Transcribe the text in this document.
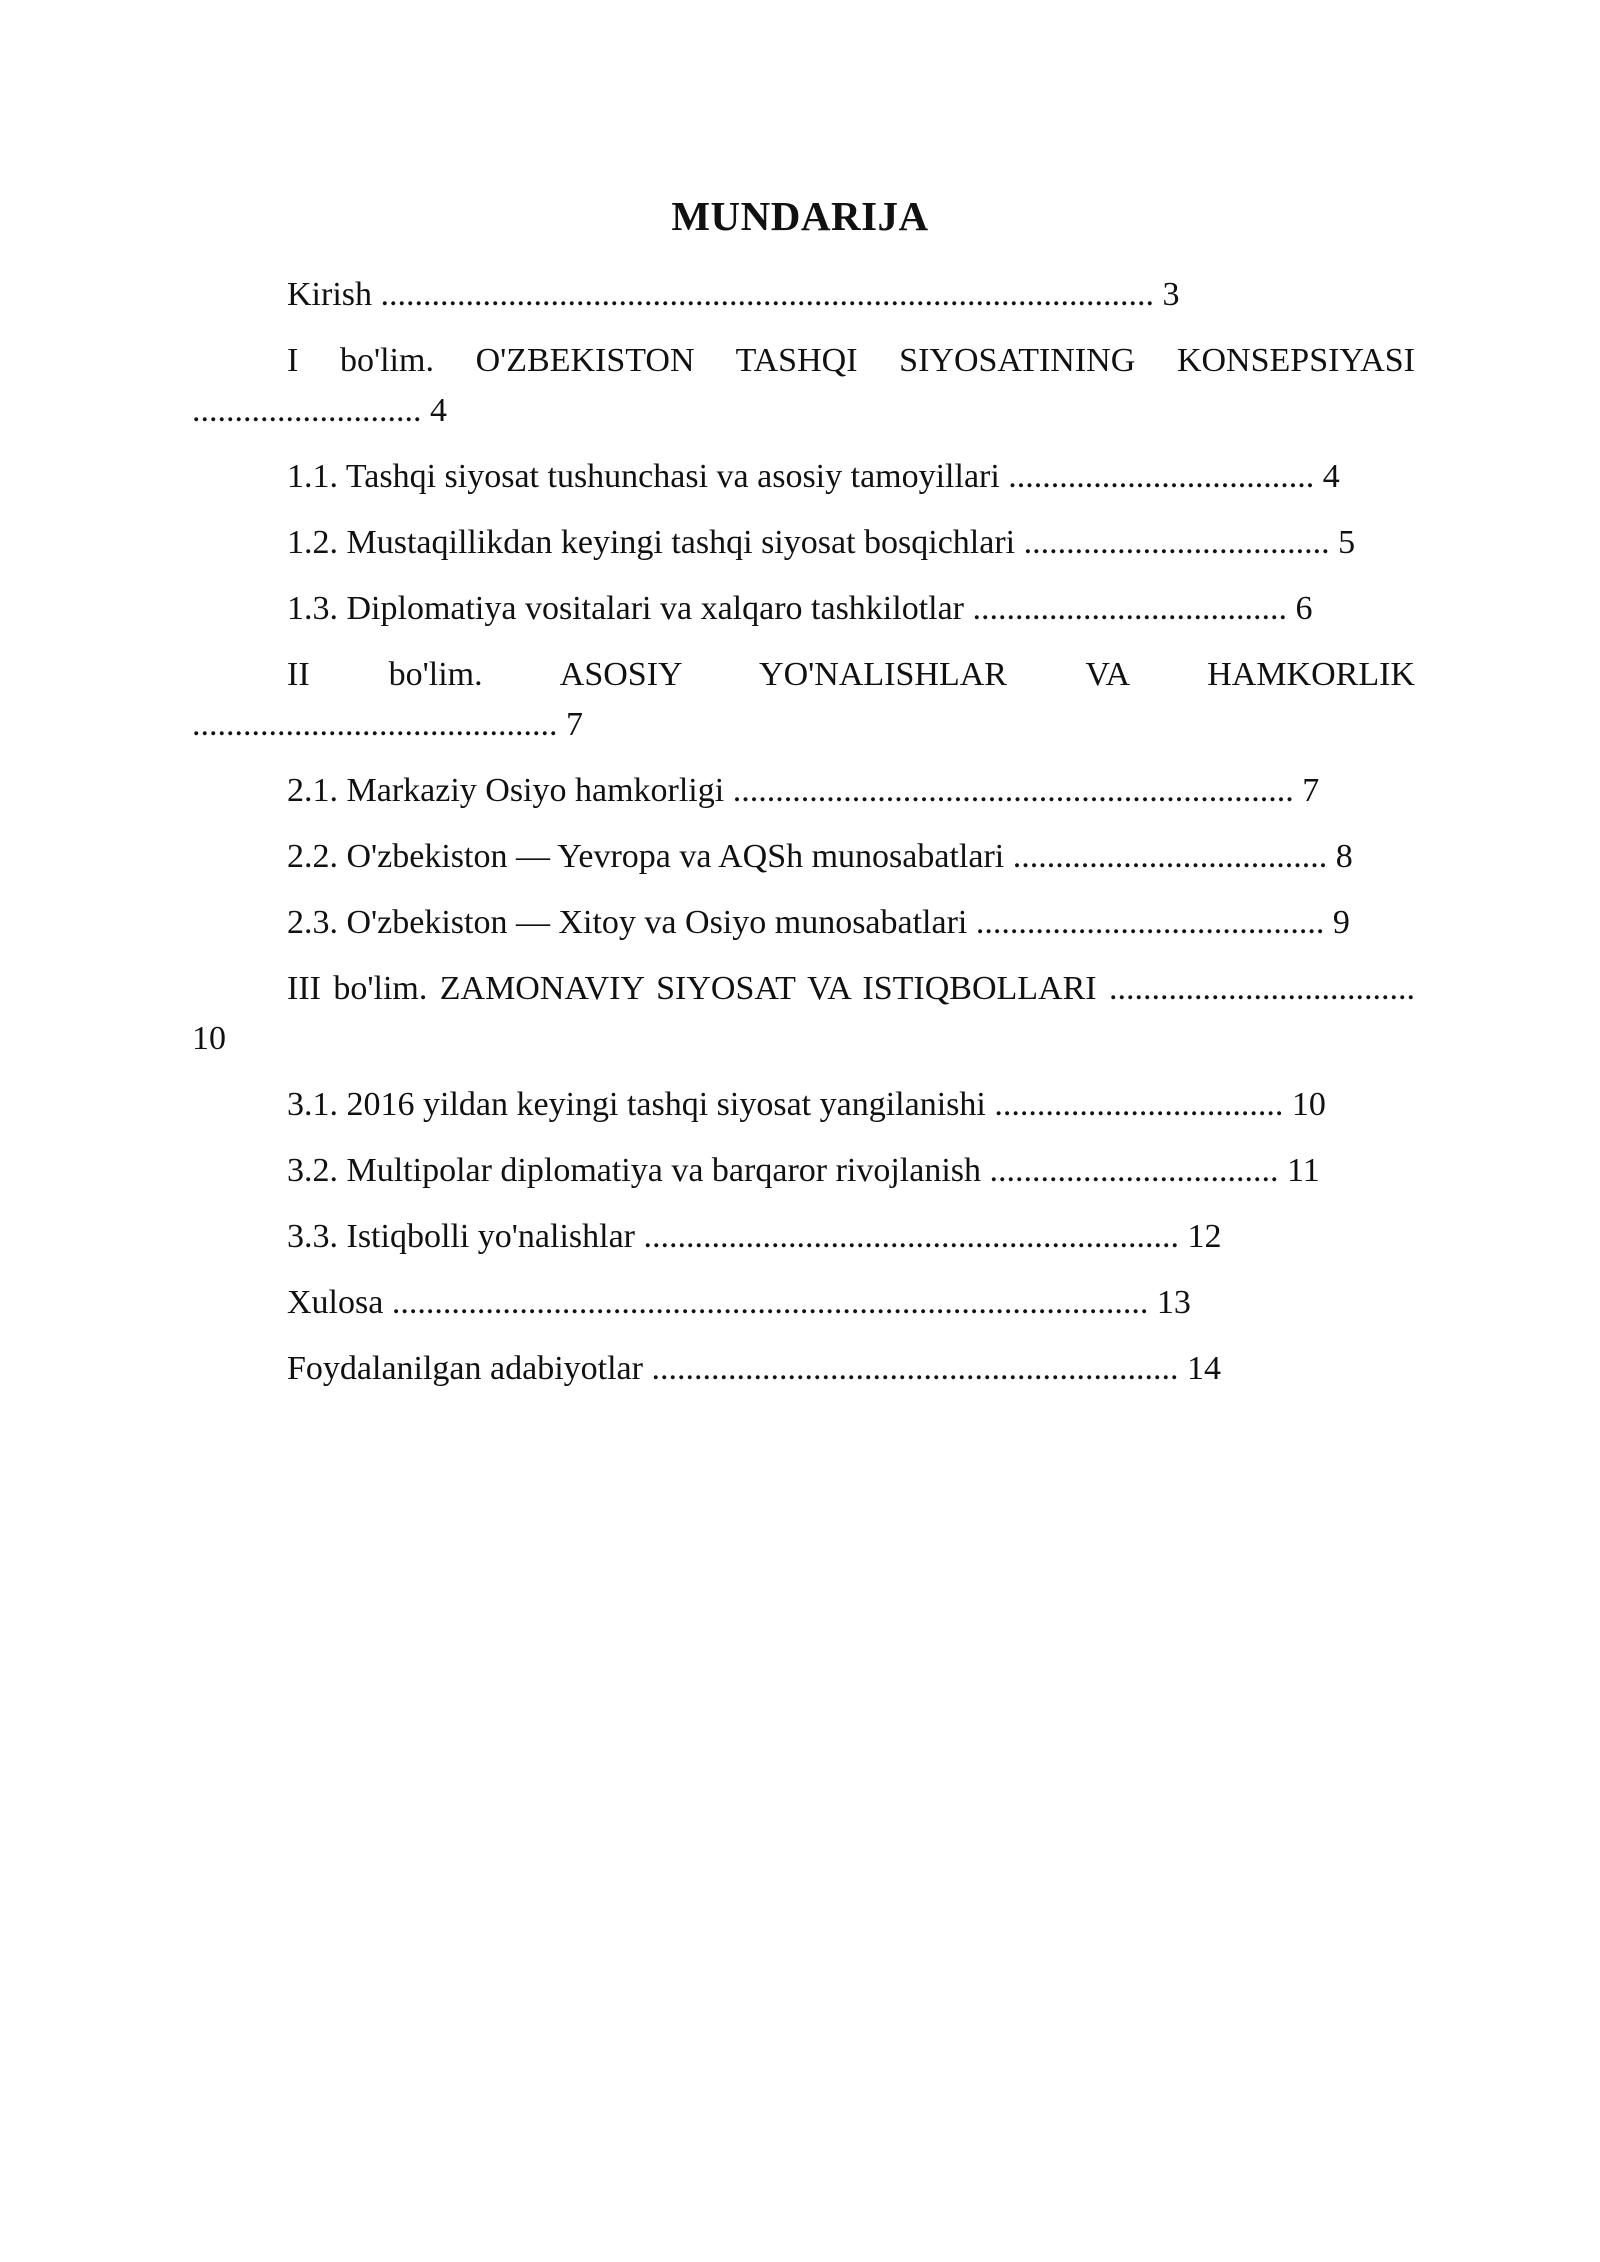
MUNDARIJA

Kirish ........................................................................................... 3

I bo'lim. O'ZBEKISTON TASHQI SIYOSATINING KONSEPSIYASI ........................... 4

1.1. Tashqi siyosat tushunchasi va asosiy tamoyillari .................................... 4

1.2. Mustaqillikdan keyingi tashqi siyosat bosqichlari .................................... 5

1.3. Diplomatiya vositalari va xalqaro tashkilotlar ..................................... 6

II bo'lim. ASOSIY YO'NALISHLAR VA HAMKORLIK ........................................... 7

2.1. Markaziy Osiyo hamkorligi .................................................................. 7

2.2. O'zbekiston — Yevropa va AQSh munosabatlari ..................................... 8

2.3. O'zbekiston — Xitoy va Osiyo munosabatlari ......................................... 9

III bo'lim. ZAMONAVIY SIYOSAT VA ISTIQBOLLARI .................................... 10

3.1. 2016 yildan keyingi tashqi siyosat yangilanishi .................................. 10

3.2. Multipolar diplomatiya va barqaror rivojlanish .................................. 11

3.3. Istiqbolli yo'nalishlar ............................................................... 12

Xulosa ......................................................................................... 13

Foydalanilgan adabiyotlar .............................................................. 14
